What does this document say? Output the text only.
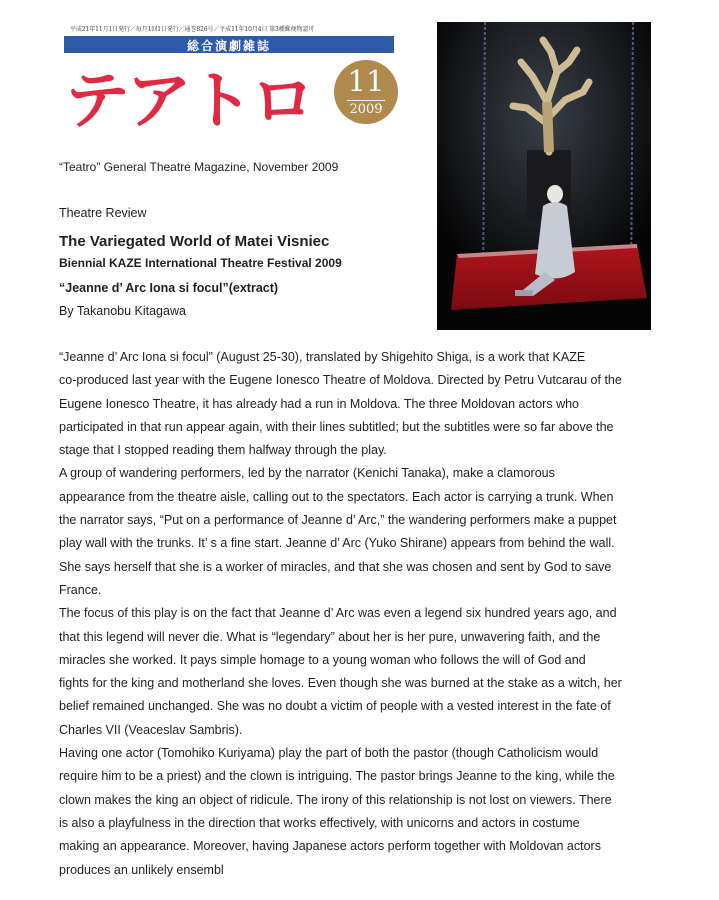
平成21年11月1日発行／毎月1回1日発行／通巻826号／平成11年10月4日 第3種郵便物認可
総合演劇雑誌
テアトロ	11
2009
“Teatro” General Theatre Magazine, November 2009
Theatre Review
The Variegated World of Matei Visniec
Biennial KAZE International Theatre Festival 2009
“Jeanne d’ Arc Iona si focul”(extract)
By Takanobu Kitagawa
“Jeanne d’ Arc Iona si focul” (August 25-30), translated by Shigehito Shiga, is a work that KAZE
co-produced last year with the Eugene Ionesco Theatre of Moldova. Directed by Petru Vutcarau of the
Eugene Ionesco Theatre, it has already had a run in Moldova. The three Moldovan actors who
participated in that run appear again, with their lines subtitled; but the subtitles were so far above the
stage that I stopped reading them halfway through the play.
A group of wandering performers, led by the narrator (Kenichi Tanaka), make a clamorous
appearance from the theatre aisle, calling out to the spectators. Each actor is carrying a trunk. When
the narrator says, “Put on a performance of Jeanne d’ Arc,” the wandering performers make a puppet
play wall with the trunks. It’ s a fine start. Jeanne d’ Arc (Yuko Shirane) appears from behind the wall.
She says herself that she is a worker of miracles, and that she was chosen and sent by God to save
France.
The focus of this play is on the fact that Jeanne d’ Arc was even a legend six hundred years ago, and
that this legend will never die. What is “legendary” about her is her pure, unwavering faith, and the
miracles she worked. It pays simple homage to a young woman who follows the will of God and
fights for the king and motherland she loves. Even though she was burned at the stake as a witch, her
belief remained unchanged. She was no doubt a victim of people with a vested interest in the fate of
Charles VII (Veaceslav Sambris).
Having one actor (Tomohiko Kuriyama) play the part of both the pastor (though Catholicism would
require him to be a priest) and the clown is intriguing. The pastor brings Jeanne to the king, while the
clown makes the king an object of ridicule. The irony of this relationship is not lost on viewers. There
is also a playfulness in the direction that works effectively, with unicorns and actors in costume
making an appearance. Moreover, having Japanese actors perform together with Moldovan actors
produces an unlikely ensembl
